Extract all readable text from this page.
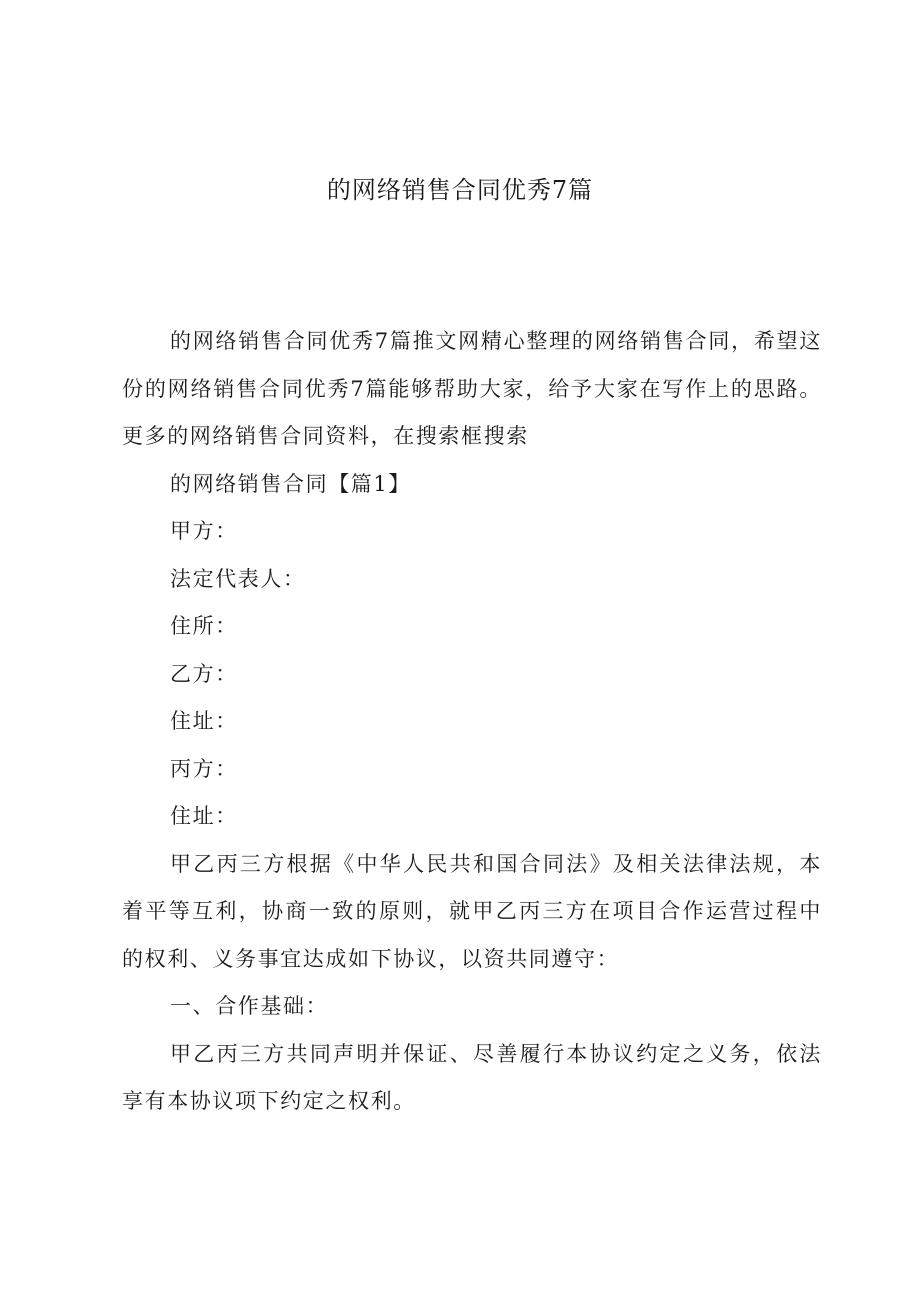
的网络销售合同优秀7篇

的网络销售合同优秀7篇推文网精心整理的网络销售合同，希望这份的网络销售合同优秀7篇能够帮助大家，给予大家在写作上的思路。更多的网络销售合同资料，在搜索框搜索

的网络销售合同【篇1】

甲方：

法定代表人：

住所：

乙方：

住址：

丙方：

住址：

甲乙丙三方根据《中华人民共和国合同法》及相关法律法规，本着平等互利，协商一致的原则，就甲乙丙三方在项目合作运营过程中的权利、义务事宜达成如下协议，以资共同遵守：

一、合作基础：

甲乙丙三方共同声明并保证、尽善履行本协议约定之义务，依法享有本协议项下约定之权利。
